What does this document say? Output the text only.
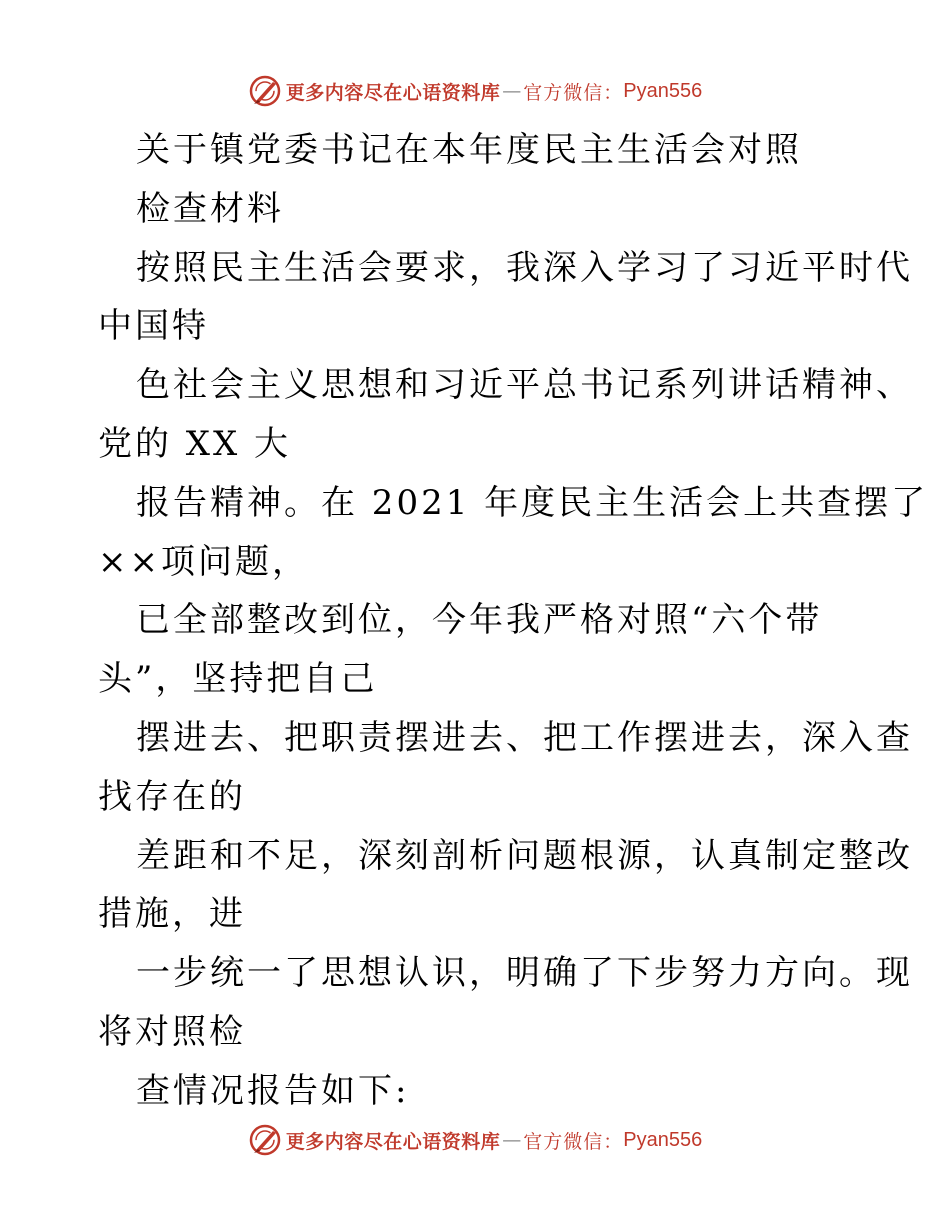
更多内容尽在心语资料库 — 官方微信： Pyan556
关于镇党委书记在本年度民主生活会对照
检查材料
按照民主生活会要求，我深入学习了习近平时代
中国特
色社会主义思想和习近平总书记系列讲话精神、
党的 XX 大
报告精神。在 2021 年度民主生活会上共查摆了
××项问题，
已全部整改到位，今年我严格对照“六个带
头”，坚持把自己
摆进去、把职责摆进去、把工作摆进去，深入查
找存在的
差距和不足，深刻剖析问题根源，认真制定整改
措施，进
一步统一了思想认识，明确了下步努力方向。现
将对照检
查情况报告如下:
更多内容尽在心语资料库 — 官方微信： Pyan556
